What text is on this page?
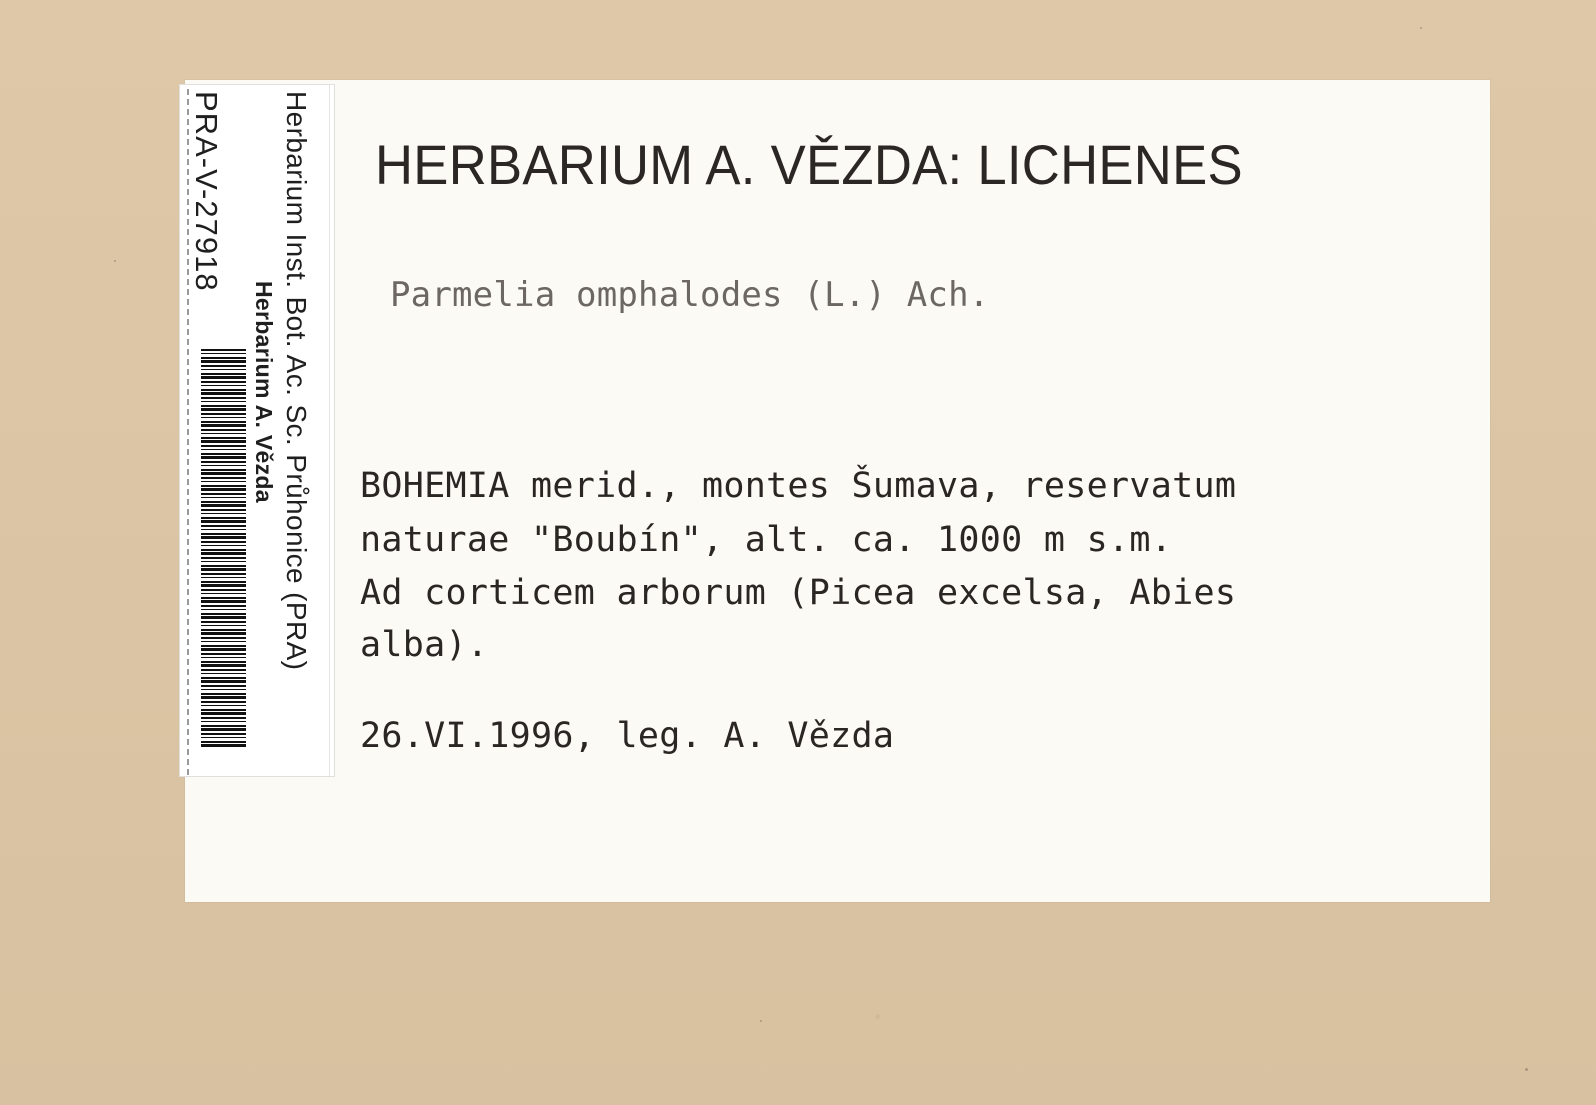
HERBARIUM A. VĚZDA: LICHENES

Parmelia omphalodes (L.) Ach.

BOHEMIA merid., montes Šumava, reservatum

naturae "Boubín", alt. ca. 1000 m s.m.

Ad corticem arborum (Picea excelsa, Abies

alba).

26.VI.1996, leg. A. Vězda

PRA-V-27918
Herbarium A. Vězda Herbarium Inst. Bot. Ac. Sc. Průhonice (PRA)
